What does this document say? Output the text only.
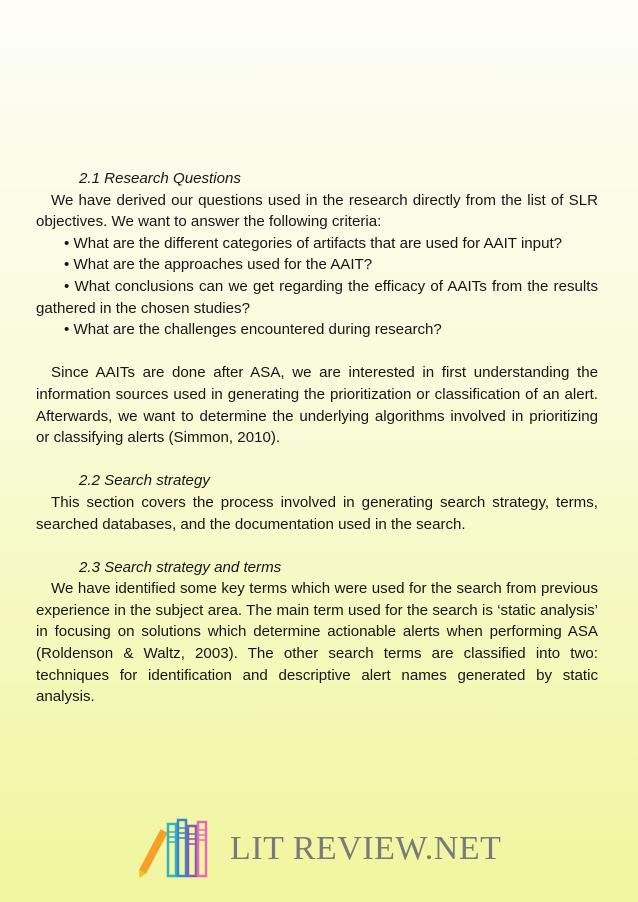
2.1 Research Questions

We have derived our questions used in the research directly from the list of SLR objectives. We want to answer the following criteria:

• What are the different categories of artifacts that are used for AAIT input?

• What are the approaches used for the AAIT?

• What conclusions can we get regarding the efficacy of AAITs from the results gathered in the chosen studies?

• What are the challenges encountered during research?

Since AAITs are done after ASA, we are interested in first understanding the information sources used in generating the prioritization or classification of an alert. Afterwards, we want to determine the underlying algorithms involved in prioritizing or classifying alerts (Simmon, 2010).

2.2 Search strategy

This section covers the process involved in generating search strategy, terms, searched databases, and the documentation used in the search.

2.3 Search strategy and terms

We have identified some key terms which were used for the search from previous experience in the subject area. The main term used for the search is ‘static analysis’ in focusing on solutions which determine actionable alerts when performing ASA (Roldenson & Waltz, 2003). The other search terms are classified into two: techniques for identification and descriptive alert names generated by static analysis.

LIT REVIEW.NET
